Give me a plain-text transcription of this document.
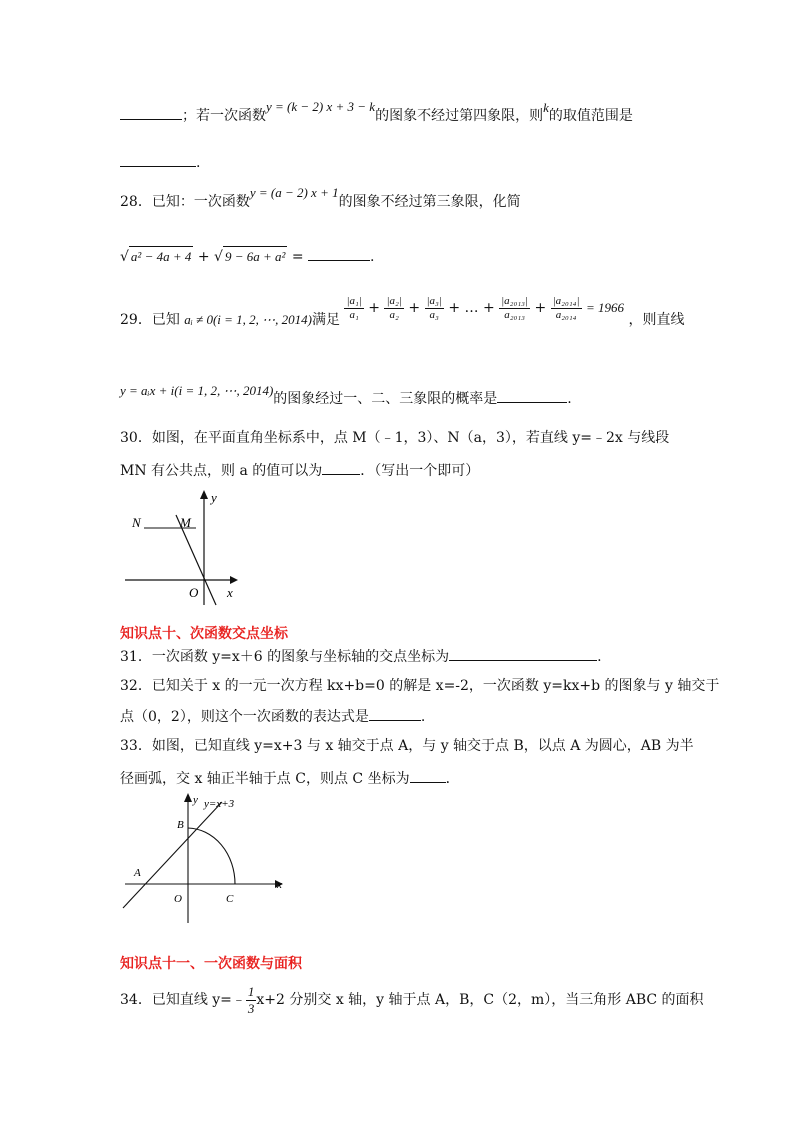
；若一次函数y = (k − 2) x + 3 − k的图象不经过第四象限，则k的取值范围是
.
28．已知：一次函数y = (a − 2) x + 1的图象不经过第三象限，化简
√ a² − 4a + 4 + √ 9 − 6a + a² =	.
29．已知 aᵢ ≠ 0(i = 1, 2, ⋯, 2014)满足 $\frac{\text{|a₁|}}{\text{a₁}} + \frac{\text{|a₂|}}{\text{a₂}} + \frac{\text{|a₃|}}{\text{a₃}}$ + … + $\frac{\text{|a₂₀₁₃|}}{\text{a₂₀₁₃}} + \frac{\text{|a₂₀₁₄|}}{\text{a₂₀₁₄}} = 1966$ ，则直线
y = aᵢx + i(i = 1, 2, ⋯, 2014)的图象经过一、二、三象限的概率是	.
30．如图，在平面直角坐标系中，点 M（﹣1，3）、N（a，3），若直线 y=﹣2x 与线段
MN 有公共点，则 a 的值可以为	．（写出一个即可）
y
N	M
O x
知识点十、次函数交点坐标
31．一次函数 y=x＋6 的图象与坐标轴的交点坐标为	.
32．已知关于 x 的一元一次方程 kx+b=0 的解是 x=-2，一次函数 y=kx+b 的图象与 y 轴交于
点（0，2），则这个一次函数的表达式是	.
33．如图，已知直线 y=x+3 与 x 轴交于点 A，与 y 轴交于点 B，以点 A 为圆心，AB 为半
径画弧，交 x 轴正半轴于点 C，则点 C 坐标为	．
y y=x+3
B
A
O	C
x
知识点十一、一次函数与面积
34．已知直线 y=﹣ $\frac{1}{3} x+2$ 分别交 x 轴，y 轴于点 A，B，C（2，m），当三角形 ABC 的面积
